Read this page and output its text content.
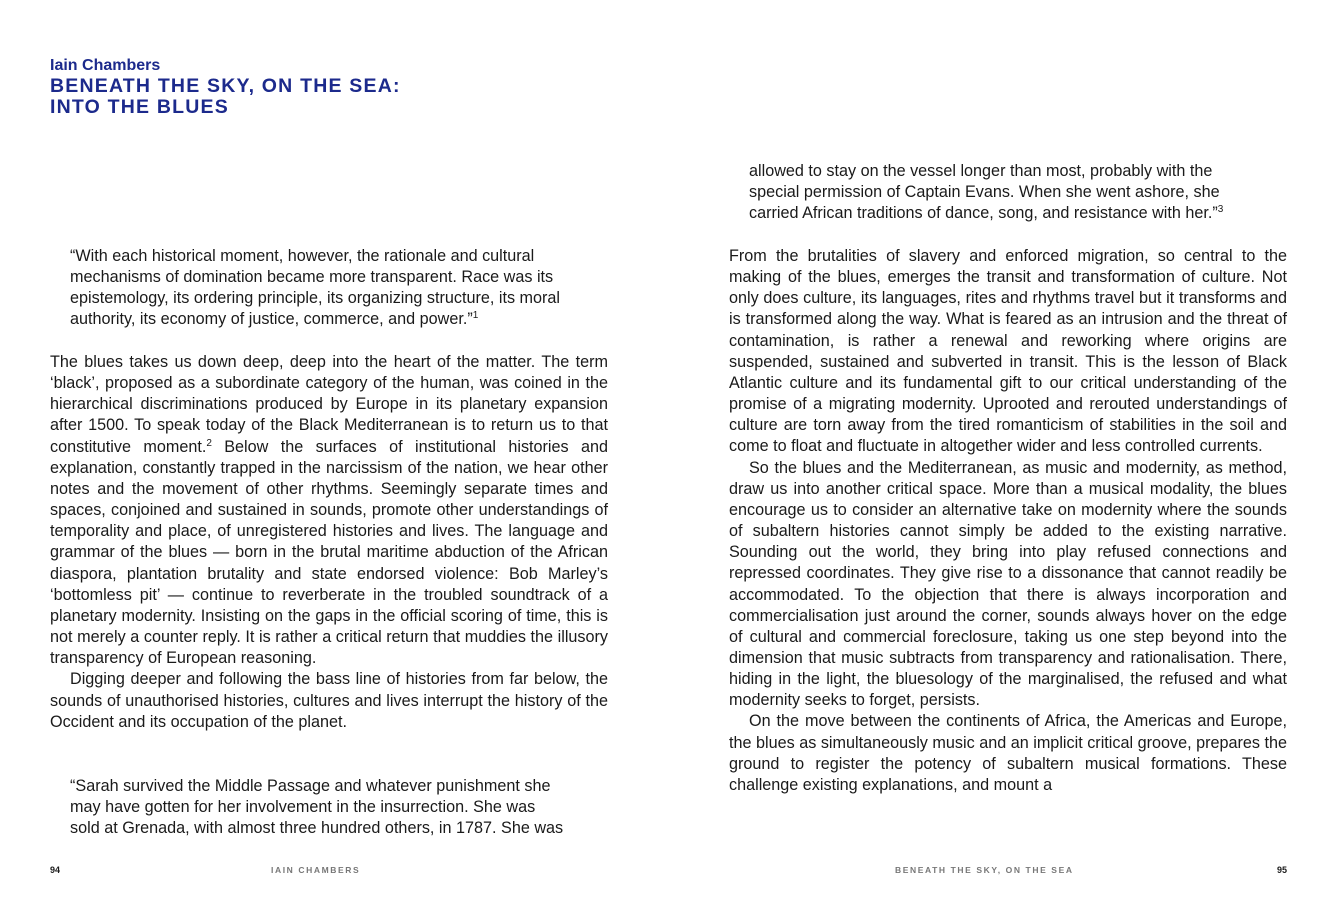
Iain Chambers
BENEATH THE SKY, ON THE SEA:
INTO THE BLUES

“With each historical moment, however, the rationale and cultural mechanisms of domination became more transparent. Race was its epistemology, its ordering principle, its organizing structure, its moral authority, its economy of justice, commerce, and power.”$^1$

The blues takes us down deep, deep into the heart of the matter. The term ‘black’, proposed as a subordinate category of the human, was coined in the hierarchical discriminations produced by Europe in its planetary expansion after 1500. To speak today of the Black Mediterranean is to return us to that constitutive moment.$^2$ Below the surfaces of institutional histories and explanation, constantly trapped in the narcissism of the nation, we hear other notes and the movement of other rhythms. Seemingly separate times and spaces, conjoined and sustained in sounds, promote other understandings of temporality and place, of unregistered histories and lives. The language and grammar of the blues — born in the brutal maritime abduction of the African diaspora, plantation brutality and state endorsed violence: Bob Marley’s ‘bottomless pit’ — continue to reverberate in the troubled soundtrack of a planetary modernity. Insisting on the gaps in the official scoring of time, this is not merely a counter reply. It is rather a critical return that muddies the illusory transparency of European reasoning.

Digging deeper and following the bass line of histories from far below, the sounds of unauthorised histories, cultures and lives interrupt the history of the Occident and its occupation of the planet.

“Sarah survived the Middle Passage and whatever punishment she
may have gotten for her involvement in the insurrection. She was
sold at Grenada, with almost three hundred others, in 1787. She was
94	IAIN CHAMBERS
allowed to stay on the vessel longer than most, probably with the
special permission of Captain Evans. When she went ashore, she
carried African traditions of dance, song, and resistance with her.”$^3$

From the brutalities of slavery and enforced migration, so central to the making of the blues, emerges the transit and transformation of culture. Not only does culture, its languages, rites and rhythms travel but it transforms and is transformed along the way. What is feared as an intrusion and the threat of contamination, is rather a renewal and reworking where origins are suspended, sustained and subverted in transit. This is the lesson of Black Atlantic culture and its fundamental gift to our critical understanding of the promise of a migrating modernity. Uprooted and rerouted understandings of culture are torn away from the tired romanticism of stabilities in the soil and come to float and fluctuate in altogether wider and less controlled currents.

So the blues and the Mediterranean, as music and modernity, as method, draw us into another critical space. More than a musical modality, the blues encourage us to consider an alternative take on modernity where the sounds of subaltern histories cannot simply be added to the existing narrative. Sounding out the world, they bring into play refused connections and repressed coordinates. They give rise to a dissonance that cannot readily be accommodated. To the objection that there is always incorporation and commercialisation just around the corner, sounds always hover on the edge of cultural and commercial foreclosure, taking us one step beyond into the dimension that music subtracts from transparency and rationalisation. There, hiding in the light, the bluesology of the marginalised, the refused and what modernity seeks to forget, persists.

On the move between the continents of Africa, the Americas and Europe, the blues as simultaneously music and an implicit critical groove, prepares the ground to register the potency of subaltern musical formations. These challenge existing explanations, and mount a

BENEATH THE SKY, ON THE SEA	95
